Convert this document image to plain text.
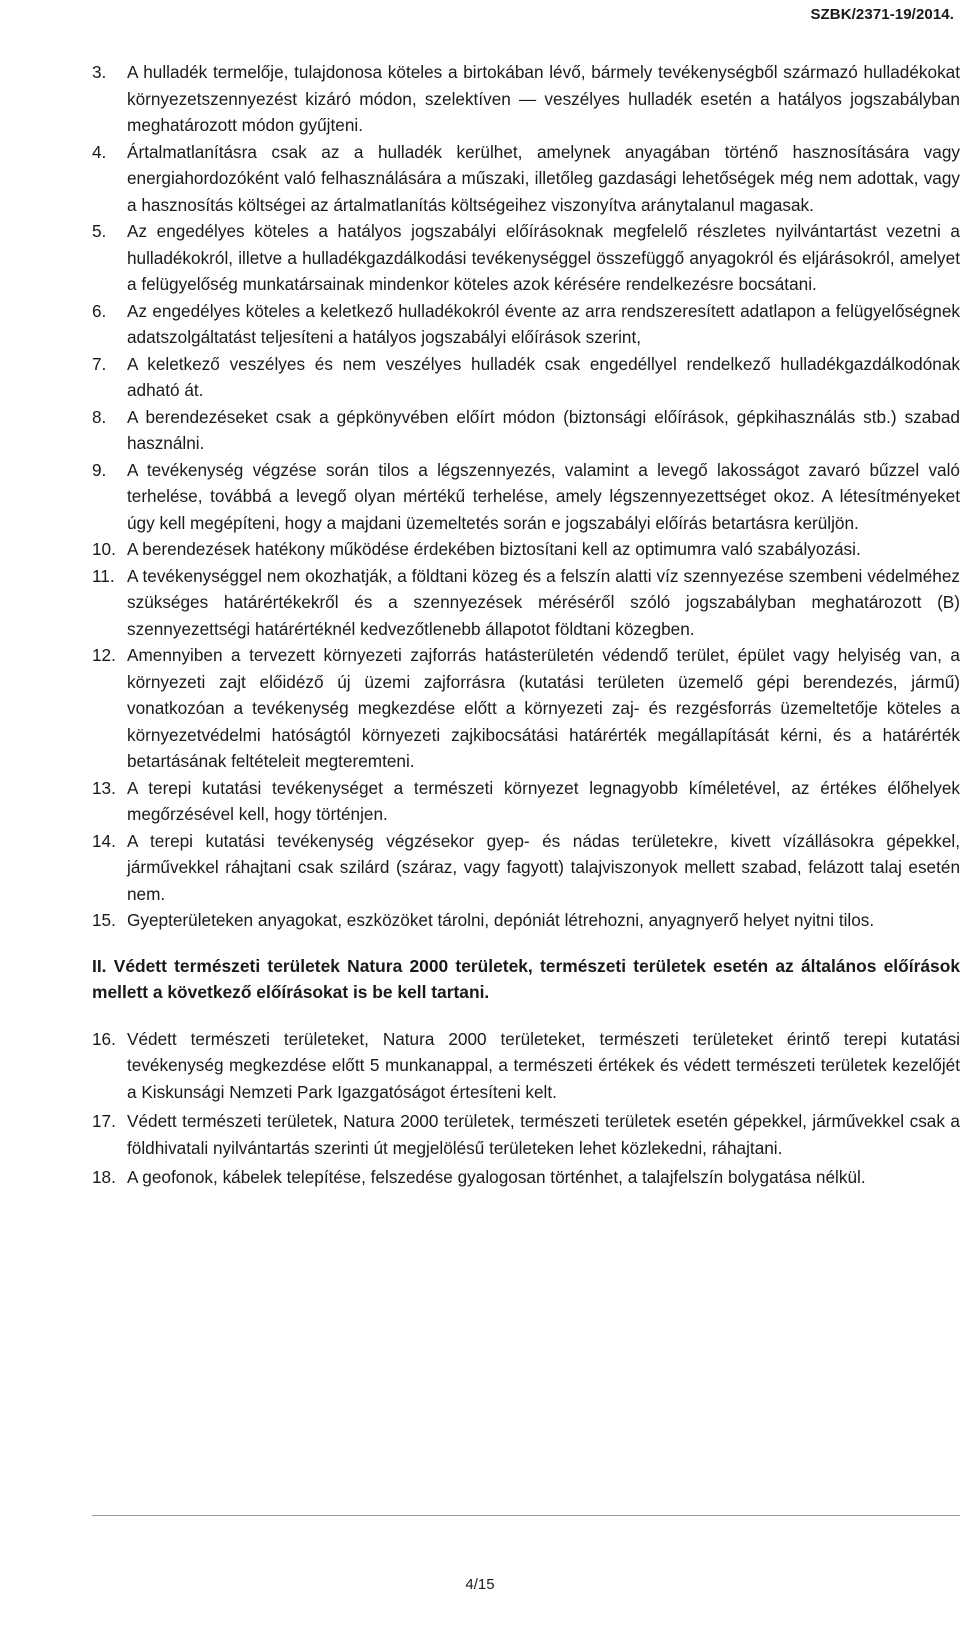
SZBK/2371-19/2014.
3.	A hulladék termelője, tulajdonosa köteles a birtokában lévő, bármely tevékenységből származó hulladékokat környezetszennyezést kizáró módon, szelektíven — veszélyes hulladék esetén a hatályos jogszabályban meghatározott módon gyűjteni.
4.	Ártalmatlanításra csak az a hulladék kerülhet, amelynek anyagában történő hasznosítására vagy energiahordozóként való felhasználására a műszaki, illetőleg gazdasági lehetőségek még nem adottak, vagy a hasznosítás költségei az ártalmatlanítás költségeihez viszonyítva aránytalanul magasak.
5.	Az engedélyes köteles a hatályos jogszabályi előírásoknak megfelelő részletes nyilvántartást vezetni a hulladékokról, illetve a hulladékgazdálkodási tevékenységgel összefüggő anyagokról és eljárásokról, amelyet a felügyelőség munkatársainak mindenkor köteles azok kérésére rendelkezésre bocsátani.
6.	Az engedélyes köteles a keletkező hulladékokról évente az arra rendszeresített adatlapon a felügyelőségnek adatszolgáltatást teljesíteni a hatályos jogszabályi előírások szerint,
7.	A keletkező veszélyes és nem veszélyes hulladék csak engedéllyel rendelkező hulladékgazdálkodónak adható át.
8.	A berendezéseket csak a gépkönyvében előírt módon (biztonsági előírások, gépkihasználás stb.) szabad használni.
9.	A tevékenység végzése során tilos a légszennyezés, valamint a levegő lakosságot zavaró bűzzel való terhelése, továbbá a levegő olyan mértékű terhelése, amely légszennyezettséget okoz. A létesítményeket úgy kell megépíteni, hogy a majdani üzemeltetés során e jogszabályi előírás betartásra kerüljön.
10. A berendezések hatékony működése érdekében biztosítani kell az optimumra való szabályozási.
11. A tevékenységgel nem okozhatják, a földtani közeg és a felszín alatti víz szennyezése szembeni védelméhez szükséges határértékekről és a szennyezések méréséről szóló jogszabályban meghatározott (B) szennyezettségi határértéknél kedvezőtlenebb állapotot földtani közegben.
12. Amennyiben a tervezett környezeti zajforrás hatásterületén védendő terület, épület vagy helyiség van, a környezeti zajt előidéző új üzemi zajforrásra (kutatási területen üzemelő gépi berendezés, jármű) vonatkozóan a tevékenység megkezdése előtt a környezeti zaj- és rezgésforrás üzemeltetője köteles a környezetvédelmi hatóságtól környezeti zajkibocsátási határérték megállapítását kérni, és a határérték betartásának feltételeit megteremteni.
13. A terepi kutatási tevékenységet a természeti környezet legnagyobb kíméletével, az értékes élőhelyek megőrzésével kell, hogy történjen.
14. A terepi kutatási tevékenység végzésekor gyep- és nádas területekre, kivett vízállásokra gépekkel, járművekkel ráhajtani csak szilárd (száraz, vagy fagyott) talajviszonyok mellett szabad, felázott talaj esetén nem.
15. Gyepterületeken anyagokat, eszközöket tárolni, depóniát létrehozni, anyagnyerő helyet nyitni tilos.
II. Védett természeti területek Natura 2000 területek, természeti területek esetén az általános előírások mellett a következő előírásokat is be kell tartani.
16. Védett természeti területeket, Natura 2000 területeket, természeti területeket érintő terepi kutatási tevékenység megkezdése előtt 5 munkanappal, a természeti értékek és védett természeti területek kezelőjét a Kiskunsági Nemzeti Park Igazgatóságot értesíteni kelt.
17. Védett természeti területek, Natura 2000 területek, természeti területek esetén gépekkel, járművekkel csak a földhivatali nyilvántartás szerinti út megjelölésű területeken lehet közlekedni, ráhajtani.
18. A geofonok, kábelek telepítése, felszedése gyalogosan történhet, a talajfelszín bolygatása nélkül.
4/15
